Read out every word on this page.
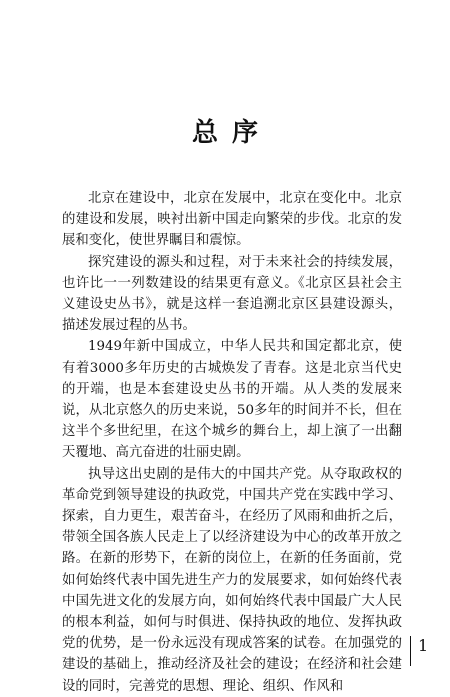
总序

北京在建设中，北京在发展中，北京在变化中。北京的建设和发展，映衬出新中国走向繁荣的步伐。北京的发展和变化，使世界瞩目和震惊。

探究建设的源头和过程，对于未来社会的持续发展，也许比一一列数建设的结果更有意义。《北京区县社会主义建设史丛书》，就是这样一套追溯北京区县建设源头，描述发展过程的丛书。

1949年新中国成立，中华人民共和国定都北京，使有着3000多年历史的古城焕发了青春。这是北京当代史的开端，也是本套建设史丛书的开端。从人类的发展来说，从北京悠久的历史来说，50多年的时间并不长，但在这半个多世纪里，在这个城乡的舞台上，却上演了一出翻天覆地、高亢奋进的壮丽史剧。

执导这出史剧的是伟大的中国共产党。从夺取政权的革命党到领导建设的执政党，中国共产党在实践中学习、探索，自力更生，艰苦奋斗，在经历了风雨和曲折之后，带领全国各族人民走上了以经济建设为中心的改革开放之路。在新的形势下，在新的岗位上，在新的任务面前，党如何始终代表中国先进生产力的发展要求，如何始终代表中国先进文化的发展方向，如何始终代表中国最广大人民的根本利益，如何与时俱进、保持执政的地位、发挥执政党的优势，是一份永远没有现成答案的试卷。在加强党的建设的基础上，推动经济及社会的建设；在经济和社会建设的同时，完善党的思想、理论、组织、作风和

1
